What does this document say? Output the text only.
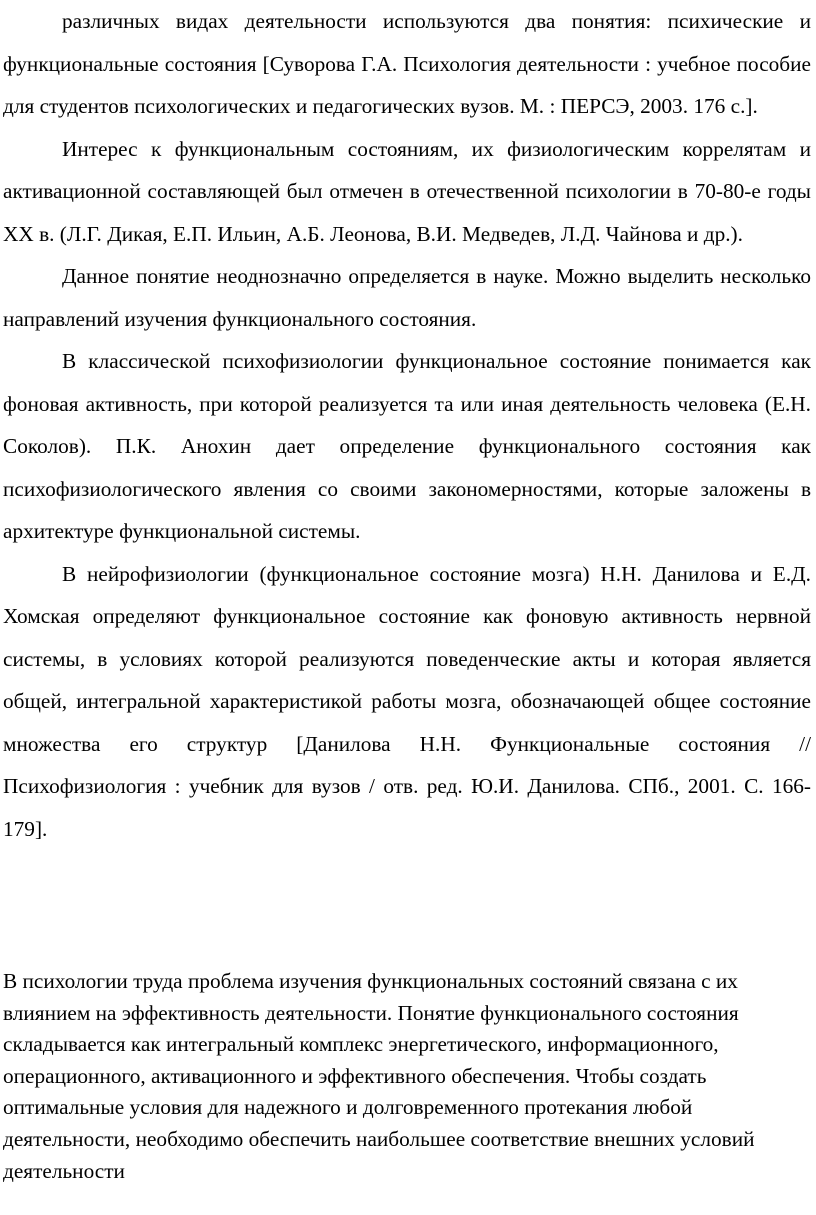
различных видах деятельности используются два понятия: психические и функциональные состояния [Суворова Г.А. Психология деятельности : учебное пособие для студентов психологических и педагогических вузов. М. : ПЕРСЭ, 2003. 176 с.].

Интерес к функциональным состояниям, их физиологическим коррелятам и активационной составляющей был отмечен в отечественной психологии в 70-80-е годы XX в. (Л.Г. Дикая, Е.П. Ильин, А.Б. Леонова, В.И. Медведев, Л.Д. Чайнова и др.).

Данное понятие неоднозначно определяется в науке. Можно выделить несколько направлений изучения функционального состояния.

В классической психофизиологии функциональное состояние понимается как фоновая активность, при которой реализуется та или иная деятельность человека (Е.Н. Соколов). П.К. Анохин дает определение функционального состояния как психофизиологического явления со своими закономерностями, которые заложены в архитектуре функциональной системы.

В нейрофизиологии (функциональное состояние мозга) Н.Н. Данилова и Е.Д. Хомская определяют функциональное состояние как фоновую активность нервной системы, в условиях которой реализуются поведенческие акты и которая является общей, интегральной характеристикой работы мозга, обозначающей общее состояние множества его структур [Данилова Н.Н. Функциональные состояния // Психофизиология : учебник для вузов / отв. ред. Ю.И. Данилова. СПб., 2001. С. 166-179].

В психологии труда проблема изучения функциональных состояний связана с их влиянием на эффективность деятельности. Понятие функционального состояния складывается как интегральный комплекс энергетического, информационного, операционного, активационного и эффективного обеспечения. Чтобы создать оптимальные условия для надежного и долговременного протекания любой деятельности, необходимо обеспечить наибольшее соответствие внешних условий деятельности
